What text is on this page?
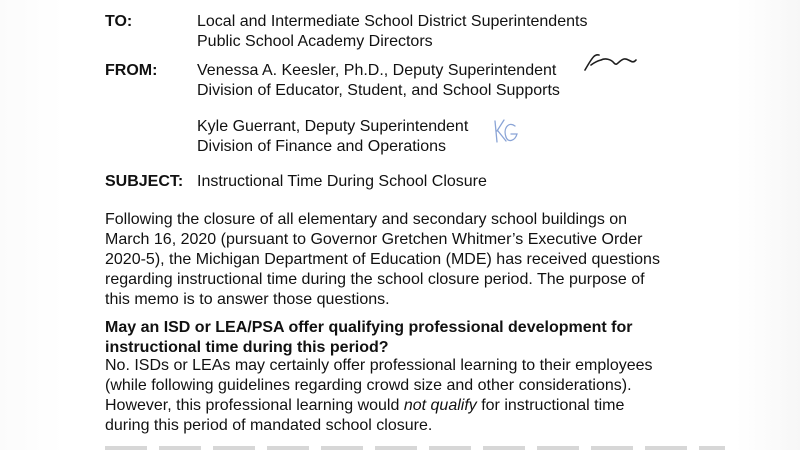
TO:	Local and Intermediate School District Superintendents
Public School Academy Directors
FROM: Venessa A. Keesler, Ph.D., Deputy Superintendent
Division of Educator, Student, and School Supports
Kyle Guerrant, Deputy Superintendent
Division of Finance and Operations
SUBJECT: Instructional Time During School Closure
Following the closure of all elementary and secondary school buildings on
March 16, 2020 (pursuant to Governor Gretchen Whitmer’s Executive Order
2020-5), the Michigan Department of Education (MDE) has received questions
regarding instructional time during the school closure period. The purpose of
this memo is to answer those questions.
May an ISD or LEA/PSA offer qualifying professional development for
instructional time during this period?
No. ISDs or LEAs may certainly offer professional learning to their employees
(while following guidelines regarding crowd size and other considerations).
However, this professional learning would not qualify for instructional time
during this period of mandated school closure.
